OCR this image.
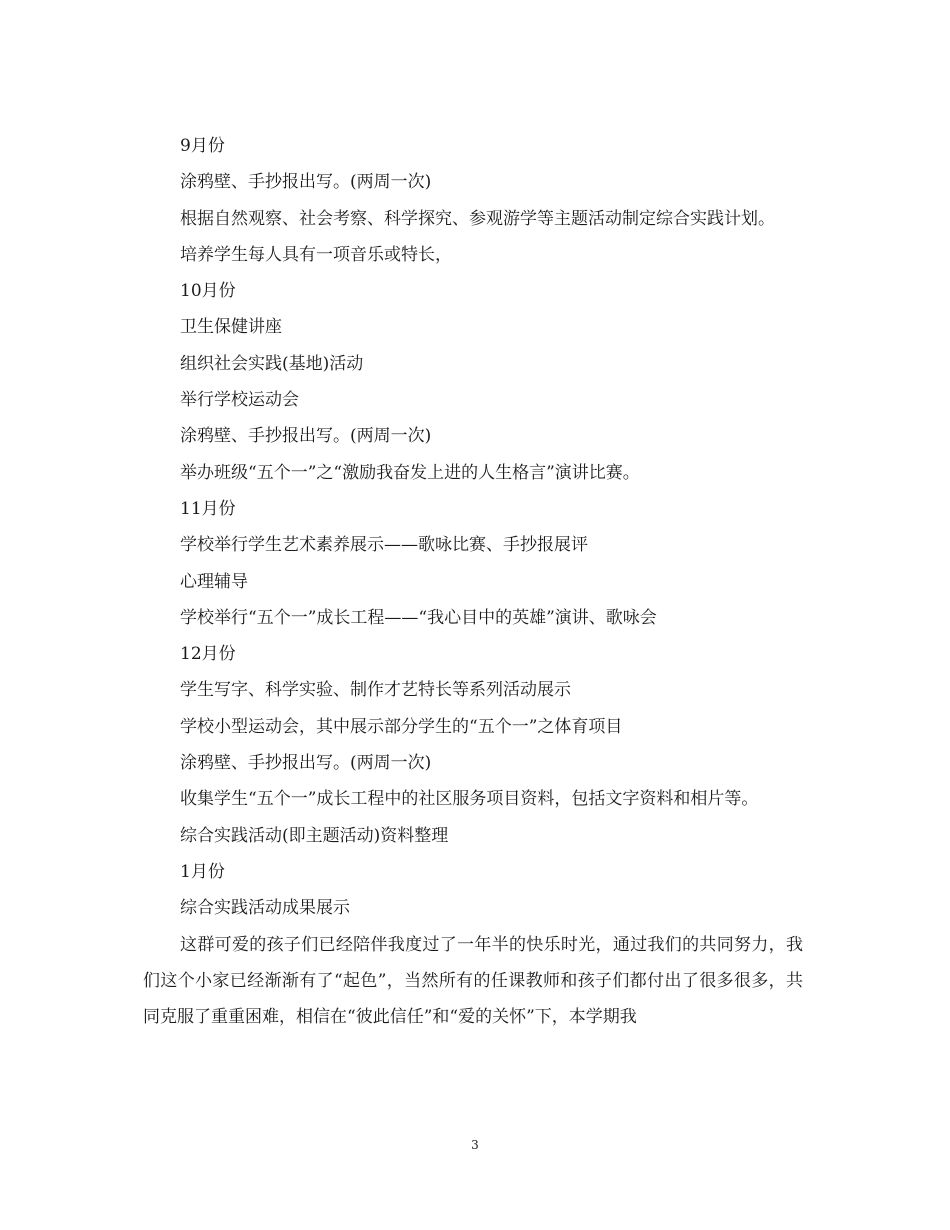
9月份

涂鸦壁、手抄报出写。(两周一次)

根据自然观察、社会考察、科学探究、参观游学等主题活动制定综合实践计划。

培养学生每人具有一项音乐或特长，

10月份

卫生保健讲座

组织社会实践(基地)活动

举行学校运动会

涂鸦壁、手抄报出写。(两周一次)

举办班级“五个一”之“激励我奋发上进的人生格言”演讲比赛。

11月份

学校举行学生艺术素养展示——歌咏比赛、手抄报展评

心理辅导

学校举行“五个一”成长工程——“我心目中的英雄”演讲、歌咏会

12月份

学生写字、科学实验、制作才艺特长等系列活动展示

学校小型运动会，其中展示部分学生的“五个一”之体育项目

涂鸦壁、手抄报出写。(两周一次)

收集学生“五个一”成长工程中的社区服务项目资料，包括文字资料和相片等。

综合实践活动(即主题活动)资料整理

1月份

综合实践活动成果展示

这群可爱的孩子们已经陪伴我度过了一年半的快乐时光，通过我们的共同努力，我们这个小家已经渐渐有了“起色”，当然所有的任课教师和孩子们都付出了很多很多，共同克服了重重困难，相信在“彼此信任”和“爱的关怀”下，本学期我

3
